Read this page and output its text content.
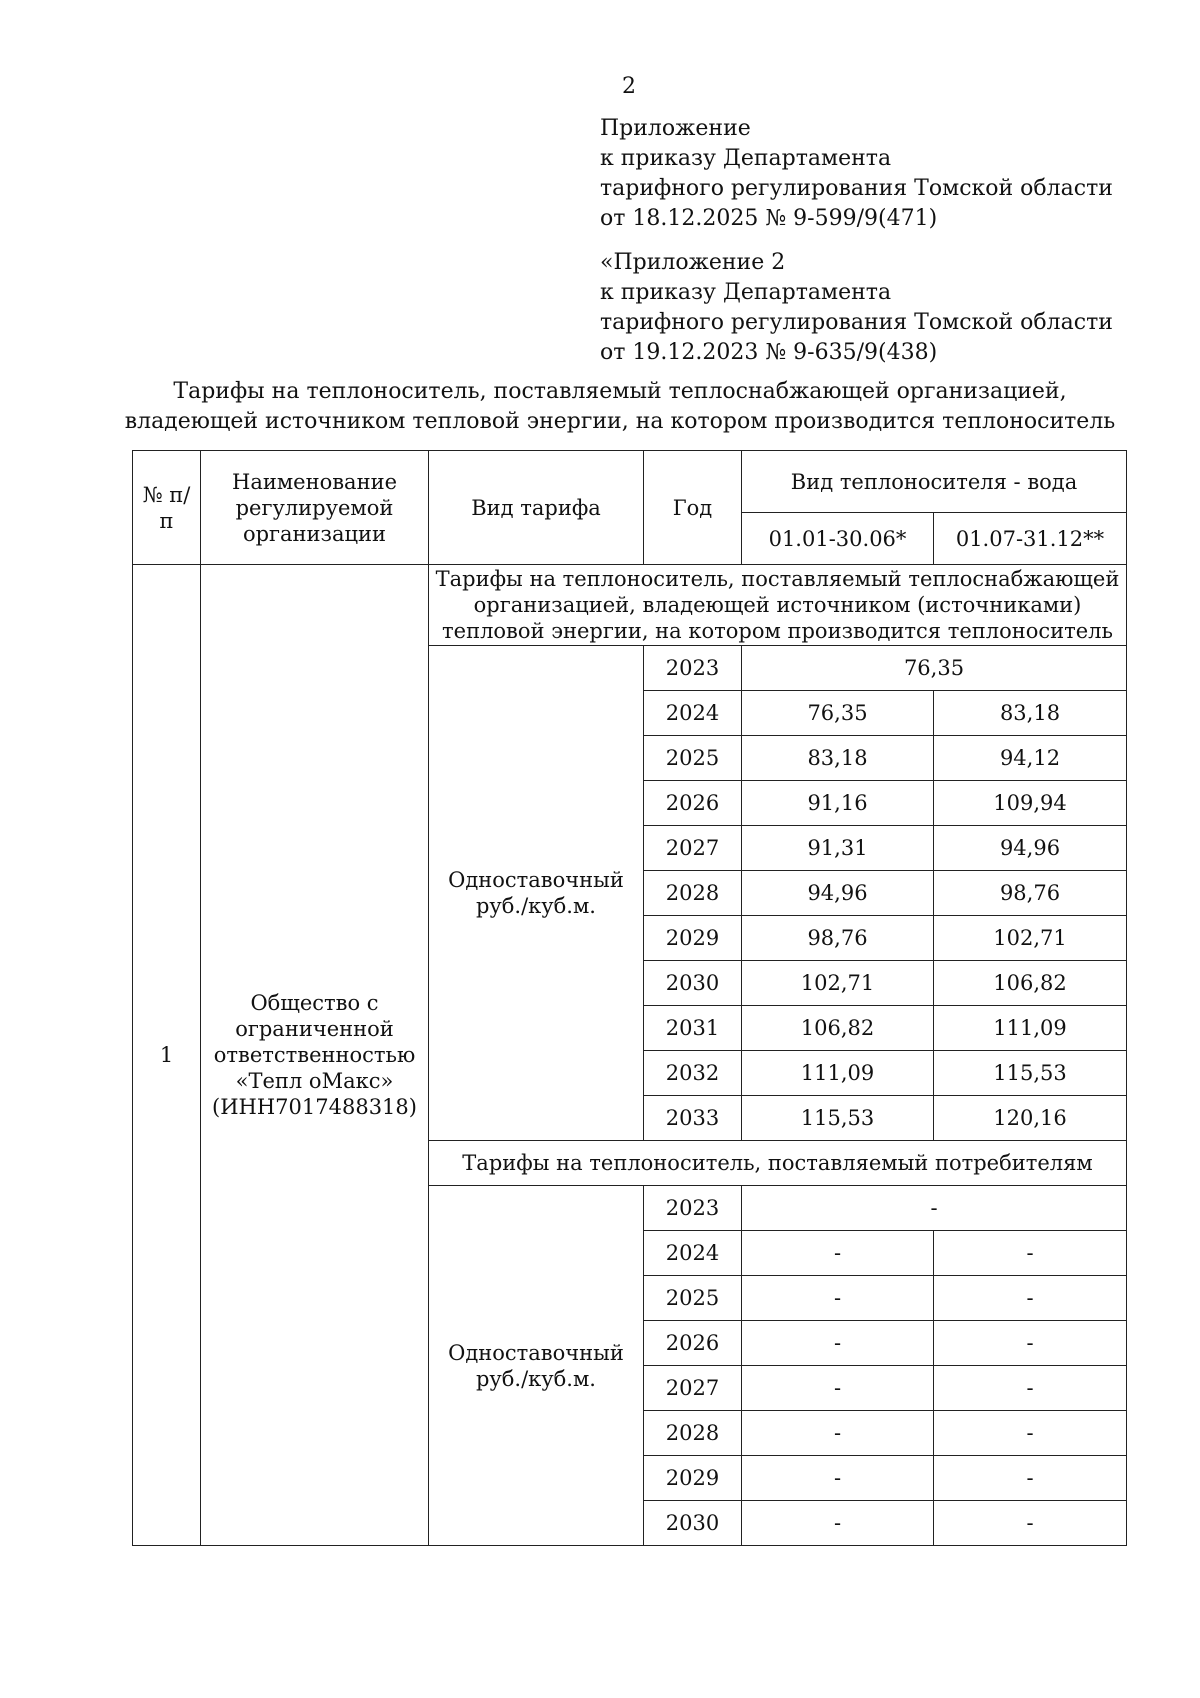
2
Приложение
к приказу Департамента
тарифного регулирования Томской области
от 18.12.2025 № 9-599/9(471)
«Приложение 2
к приказу Департамента
тарифного регулирования Томской области
от 19.12.2023 № 9-635/9(438)
Тарифы на теплоноситель, поставляемый теплоснабжающей организацией,
владеющей источником тепловой энергии, на котором производится теплоноситель
№ п/п	Наименование регулируемой организации	Вид тарифа	Год	Вид теплоносителя - вода	
				01.01-30.06*	01.07-31.12**
1	Общество с ограниченной ответственностью «Тепл оМакс» (ИНН7017488318)	Тарифы на теплоноситель, поставляемый теплоснабжающей организацией, владеющей источником (источниками) тепловой энергии, на котором производится теплоноситель			
		Одноставочный руб./куб.м.	2023	76,35	
			2024	76,35	83,18
			2025	83,18	94,12
			2026	91,16	109,94
			2027	91,31	94,96
			2028	94,96	98,76
			2029	98,76	102,71
			2030	102,71	106,82
			2031	106,82	111,09
			2032	111,09	115,53
			2033	115,53	120,16
		Тарифы на теплоноситель, поставляемый потребителям			
		Одноставочный руб./куб.м.	2023	-	
			2024	-	-
			2025	-	-
			2026	-	-
			2027	-	-
			2028	-	-
			2029	-	-
			2030	-	-
